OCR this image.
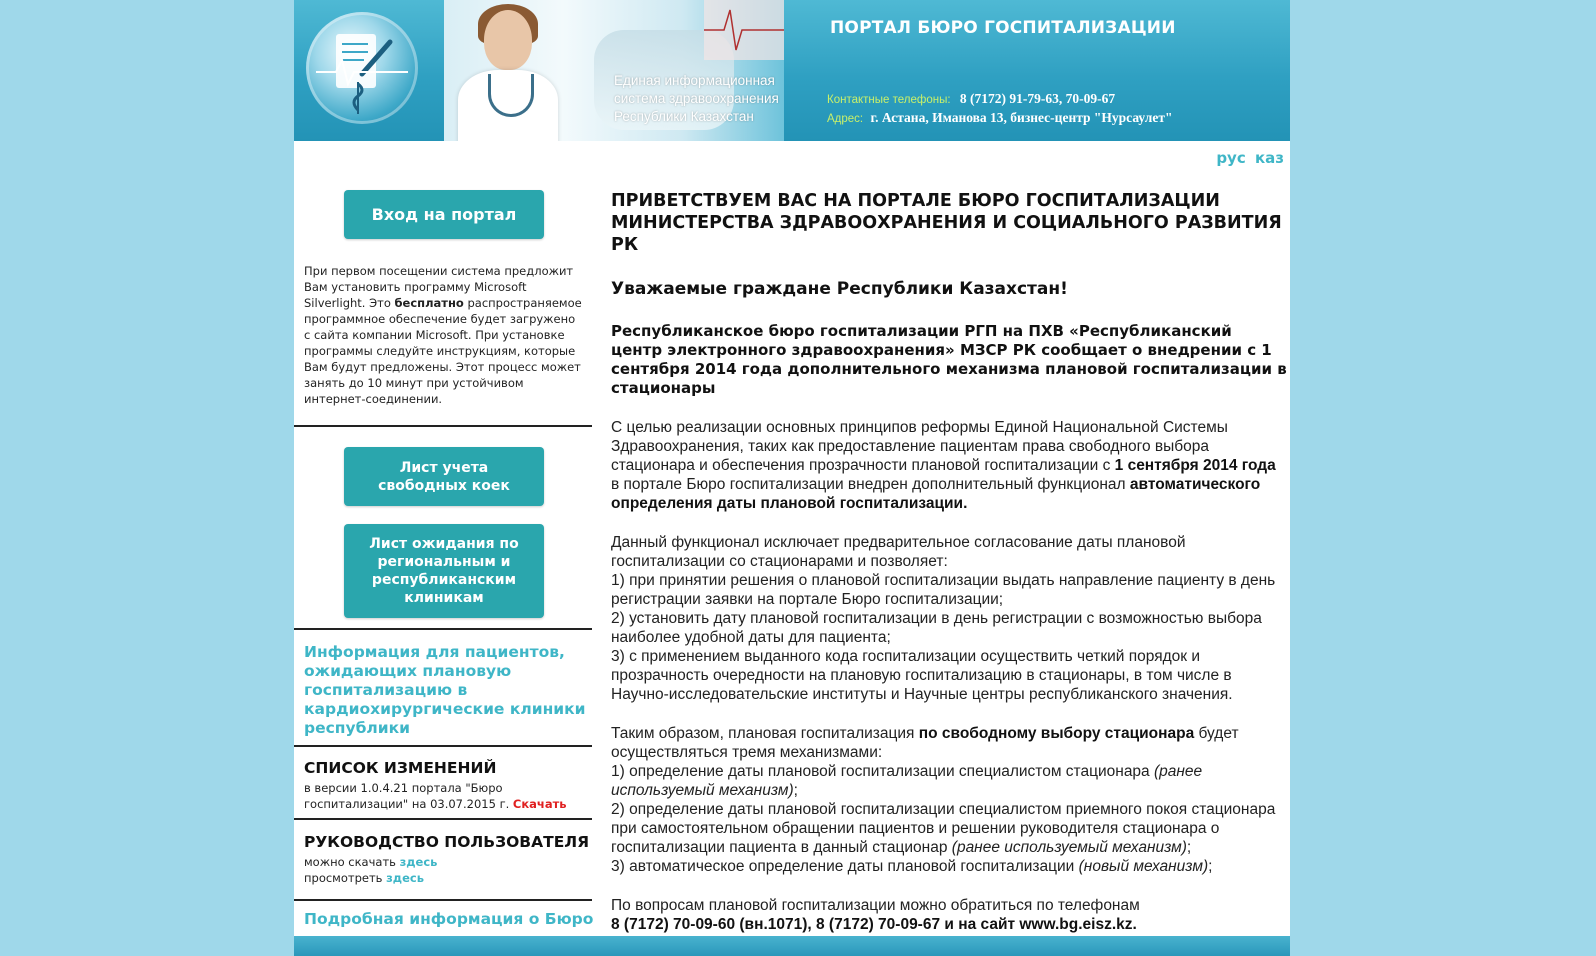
Единая информационная
система здравоохранения
Республики Казахстан
ПОРТАЛ БЮРО ГОСПИТАЛИЗАЦИИ
Контактные телефоны: 8 (7172) 91-79-63, 70-09-67
Адрес: г. Астана, Иманова 13, бизнес-центр "Нурсаулет"
рус каз
Вход на портал
При первом посещении система предложит Вам установить программу Microsoft Silverlight. Это бесплатно распространяемое программное обеспечение будет загружено с сайта компании Microsoft. При установке программы следуйте инструкциям, которые Вам будут предложены. Этот процесс может занять до 10 минут при устойчивом интернет-соединении.
Лист учета
свободных коек
Лист ожидания по
региональным и
республиканским
клиникам
Информация для пациентов, ожидающих плановую госпитализацию в кардиохирургические клиники республики
СПИСОК ИЗМЕНЕНИЙ
в версии 1.0.4.21 портала "Бюро госпитализации" на 03.07.2015 г. Скачать
РУКОВОДСТВО ПОЛЬЗОВАТЕЛЯ
можно скачать здесь
просмотреть здесь
Подробная информация о Бюро
ПРИВЕТСТВУЕМ ВАС НА ПОРТАЛЕ БЮРО ГОСПИТАЛИЗАЦИИ
МИНИСТЕРСТВА ЗДРАВООХРАНЕНИЯ И СОЦИАЛЬНОГО РАЗВИТИЯ РК
Уважаемые граждане Республики Казахстан!
Республиканское бюро госпитализации РГП на ПХВ «Республиканский центр электронного здравоохранения» МЗСР РК сообщает о внедрении с 1 сентября 2014 года дополнительного механизма плановой госпитализации в стационары

С целью реализации основных принципов реформы Единой Национальной Системы Здравоохранения, таких как предоставление пациентам права свободного выбора стационара и обеспечения прозрачности плановой госпитализации с 1 сентября 2014 года в портале Бюро госпитализации внедрен дополнительный функционал автоматического определения даты плановой госпитализации.

Данный функционал исключает предварительное согласование даты плановой госпитализации со стационарами и позволяет:
1) при принятии решения о плановой госпитализации выдать направление пациенту в день регистрации заявки на портале Бюро госпитализации;
2) установить дату плановой госпитализации в день регистрации с возможностью выбора наиболее удобной даты для пациента;
3) с применением выданного кода госпитализации осуществить четкий порядок и прозрачность очередности на плановую госпитализацию в стационары, в том числе в Научно-исследовательские институты и Научные центры республиканского значения.

Таким образом, плановая госпитализация по свободному выбору стационара будет осуществляться тремя механизмами:
1) определение даты плановой госпитализации специалистом стационара (ранее используемый механизм);
2) определение даты плановой госпитализации специалистом приемного покоя стационара при самостоятельном обращении пациентов и решении руководителя стационара о госпитализации пациента в данный стационар (ранее используемый механизм);
3) автоматическое определение даты плановой госпитализации (новый механизм);

По вопросам плановой госпитализации можно обратиться по телефонам
8 (7172) 70-09-60 (вн.1071), 8 (7172) 70-09-67 и на сайт www.bg.eisz.kz.
